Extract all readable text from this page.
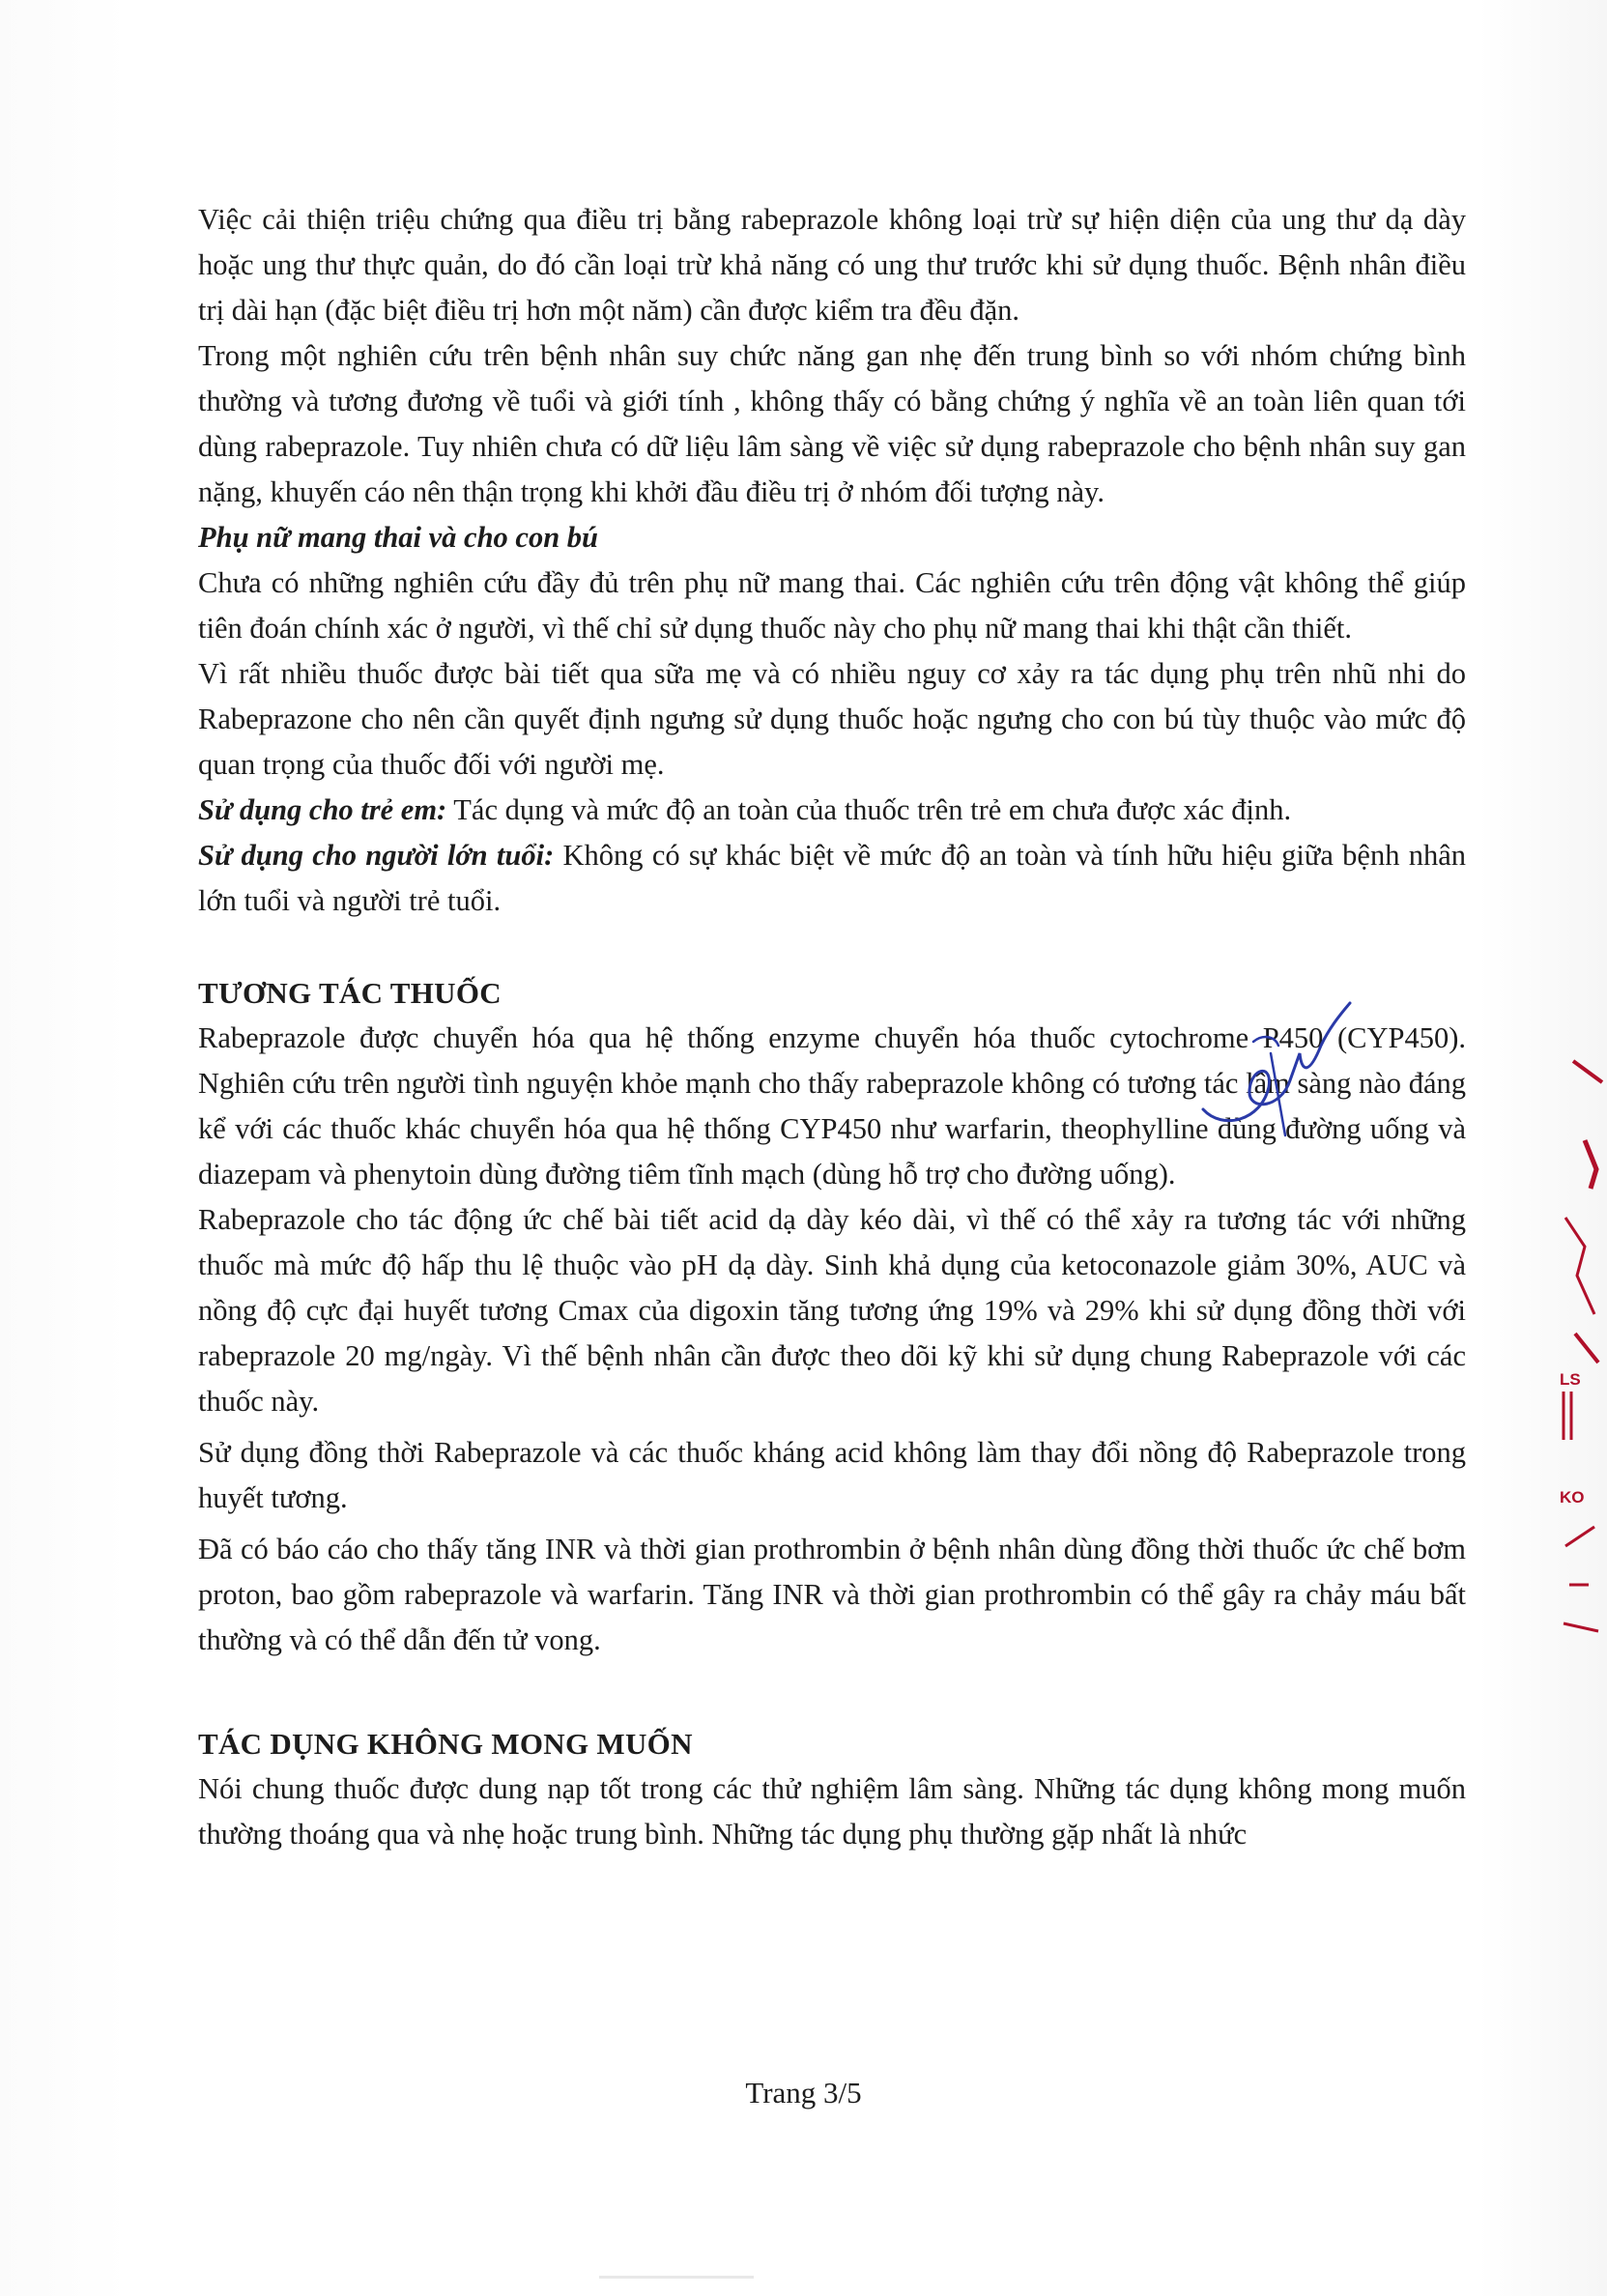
Việc cải thiện triệu chứng qua điều trị bằng rabeprazole không loại trừ sự hiện diện của ung thư dạ dày hoặc ung thư thực quản, do đó cần loại trừ khả năng có ung thư trước khi sử dụng thuốc. Bệnh nhân điều trị dài hạn (đặc biệt điều trị hơn một năm) cần được kiểm tra đều đặn.

Trong một nghiên cứu trên bệnh nhân suy chức năng gan nhẹ đến trung bình so với nhóm chứng bình thường và tương đương về tuổi và giới tính , không thấy có bằng chứng ý nghĩa về an toàn liên quan tới dùng rabeprazole. Tuy nhiên chưa có dữ liệu lâm sàng về việc sử dụng rabeprazole cho bệnh nhân suy gan nặng, khuyến cáo nên thận trọng khi khởi đầu điều trị ở nhóm đối tượng này.

Phụ nữ mang thai và cho con bú

Chưa có những nghiên cứu đầy đủ trên phụ nữ mang thai. Các nghiên cứu trên động vật không thể giúp tiên đoán chính xác ở người, vì thế chỉ sử dụng thuốc này cho phụ nữ mang thai khi thật cần thiết.

Vì rất nhiều thuốc được bài tiết qua sữa mẹ và có nhiều nguy cơ xảy ra tác dụng phụ trên nhũ nhi do Rabeprazone cho nên cần quyết định ngưng sử dụng thuốc hoặc ngưng cho con bú tùy thuộc vào mức độ quan trọng của thuốc đối với người mẹ.

Sử dụng cho trẻ em: Tác dụng và mức độ an toàn của thuốc trên trẻ em chưa được xác định.

Sử dụng cho người lớn tuổi: Không có sự khác biệt về mức độ an toàn và tính hữu hiệu giữa bệnh nhân lớn tuổi và người trẻ tuổi.

TƯƠNG TÁC THUỐC

Rabeprazole được chuyển hóa qua hệ thống enzyme chuyển hóa thuốc cytochrome P450 (CYP450). Nghiên cứu trên người tình nguyện khỏe mạnh cho thấy rabeprazole không có tương tác lâm sàng nào đáng kể với các thuốc khác chuyển hóa qua hệ thống CYP450 như warfarin, theophylline dùng đường uống và diazepam và phenytoin dùng đường tiêm tĩnh mạch (dùng hỗ trợ cho đường uống).

Rabeprazole cho tác động ức chế bài tiết acid dạ dày kéo dài, vì thế có thể xảy ra tương tác với những thuốc mà mức độ hấp thu lệ thuộc vào pH dạ dày. Sinh khả dụng của ketoconazole giảm 30%, AUC và nồng độ cực đại huyết tương Cmax của digoxin tăng tương ứng 19% và 29% khi sử dụng đồng thời với rabeprazole 20 mg/ngày. Vì thế bệnh nhân cần được theo dõi kỹ khi sử dụng chung Rabeprazole với các thuốc này.

Sử dụng đồng thời Rabeprazole và các thuốc kháng acid không làm thay đổi nồng độ Rabeprazole trong huyết tương.

Đã có báo cáo cho thấy tăng INR và thời gian prothrombin ở bệnh nhân dùng đồng thời thuốc ức chế bơm proton, bao gồm rabeprazole và warfarin. Tăng INR và thời gian prothrombin có thể gây ra chảy máu bất thường và có thể dẫn đến tử vong.

TÁC DỤNG KHÔNG MONG MUỐN

Nói chung thuốc được dung nạp tốt trong các thử nghiệm lâm sàng. Những tác dụng không mong muốn thường thoáng qua và nhẹ hoặc trung bình. Những tác dụng phụ thường gặp nhất là nhức

LS
KO
Trang 3/5
